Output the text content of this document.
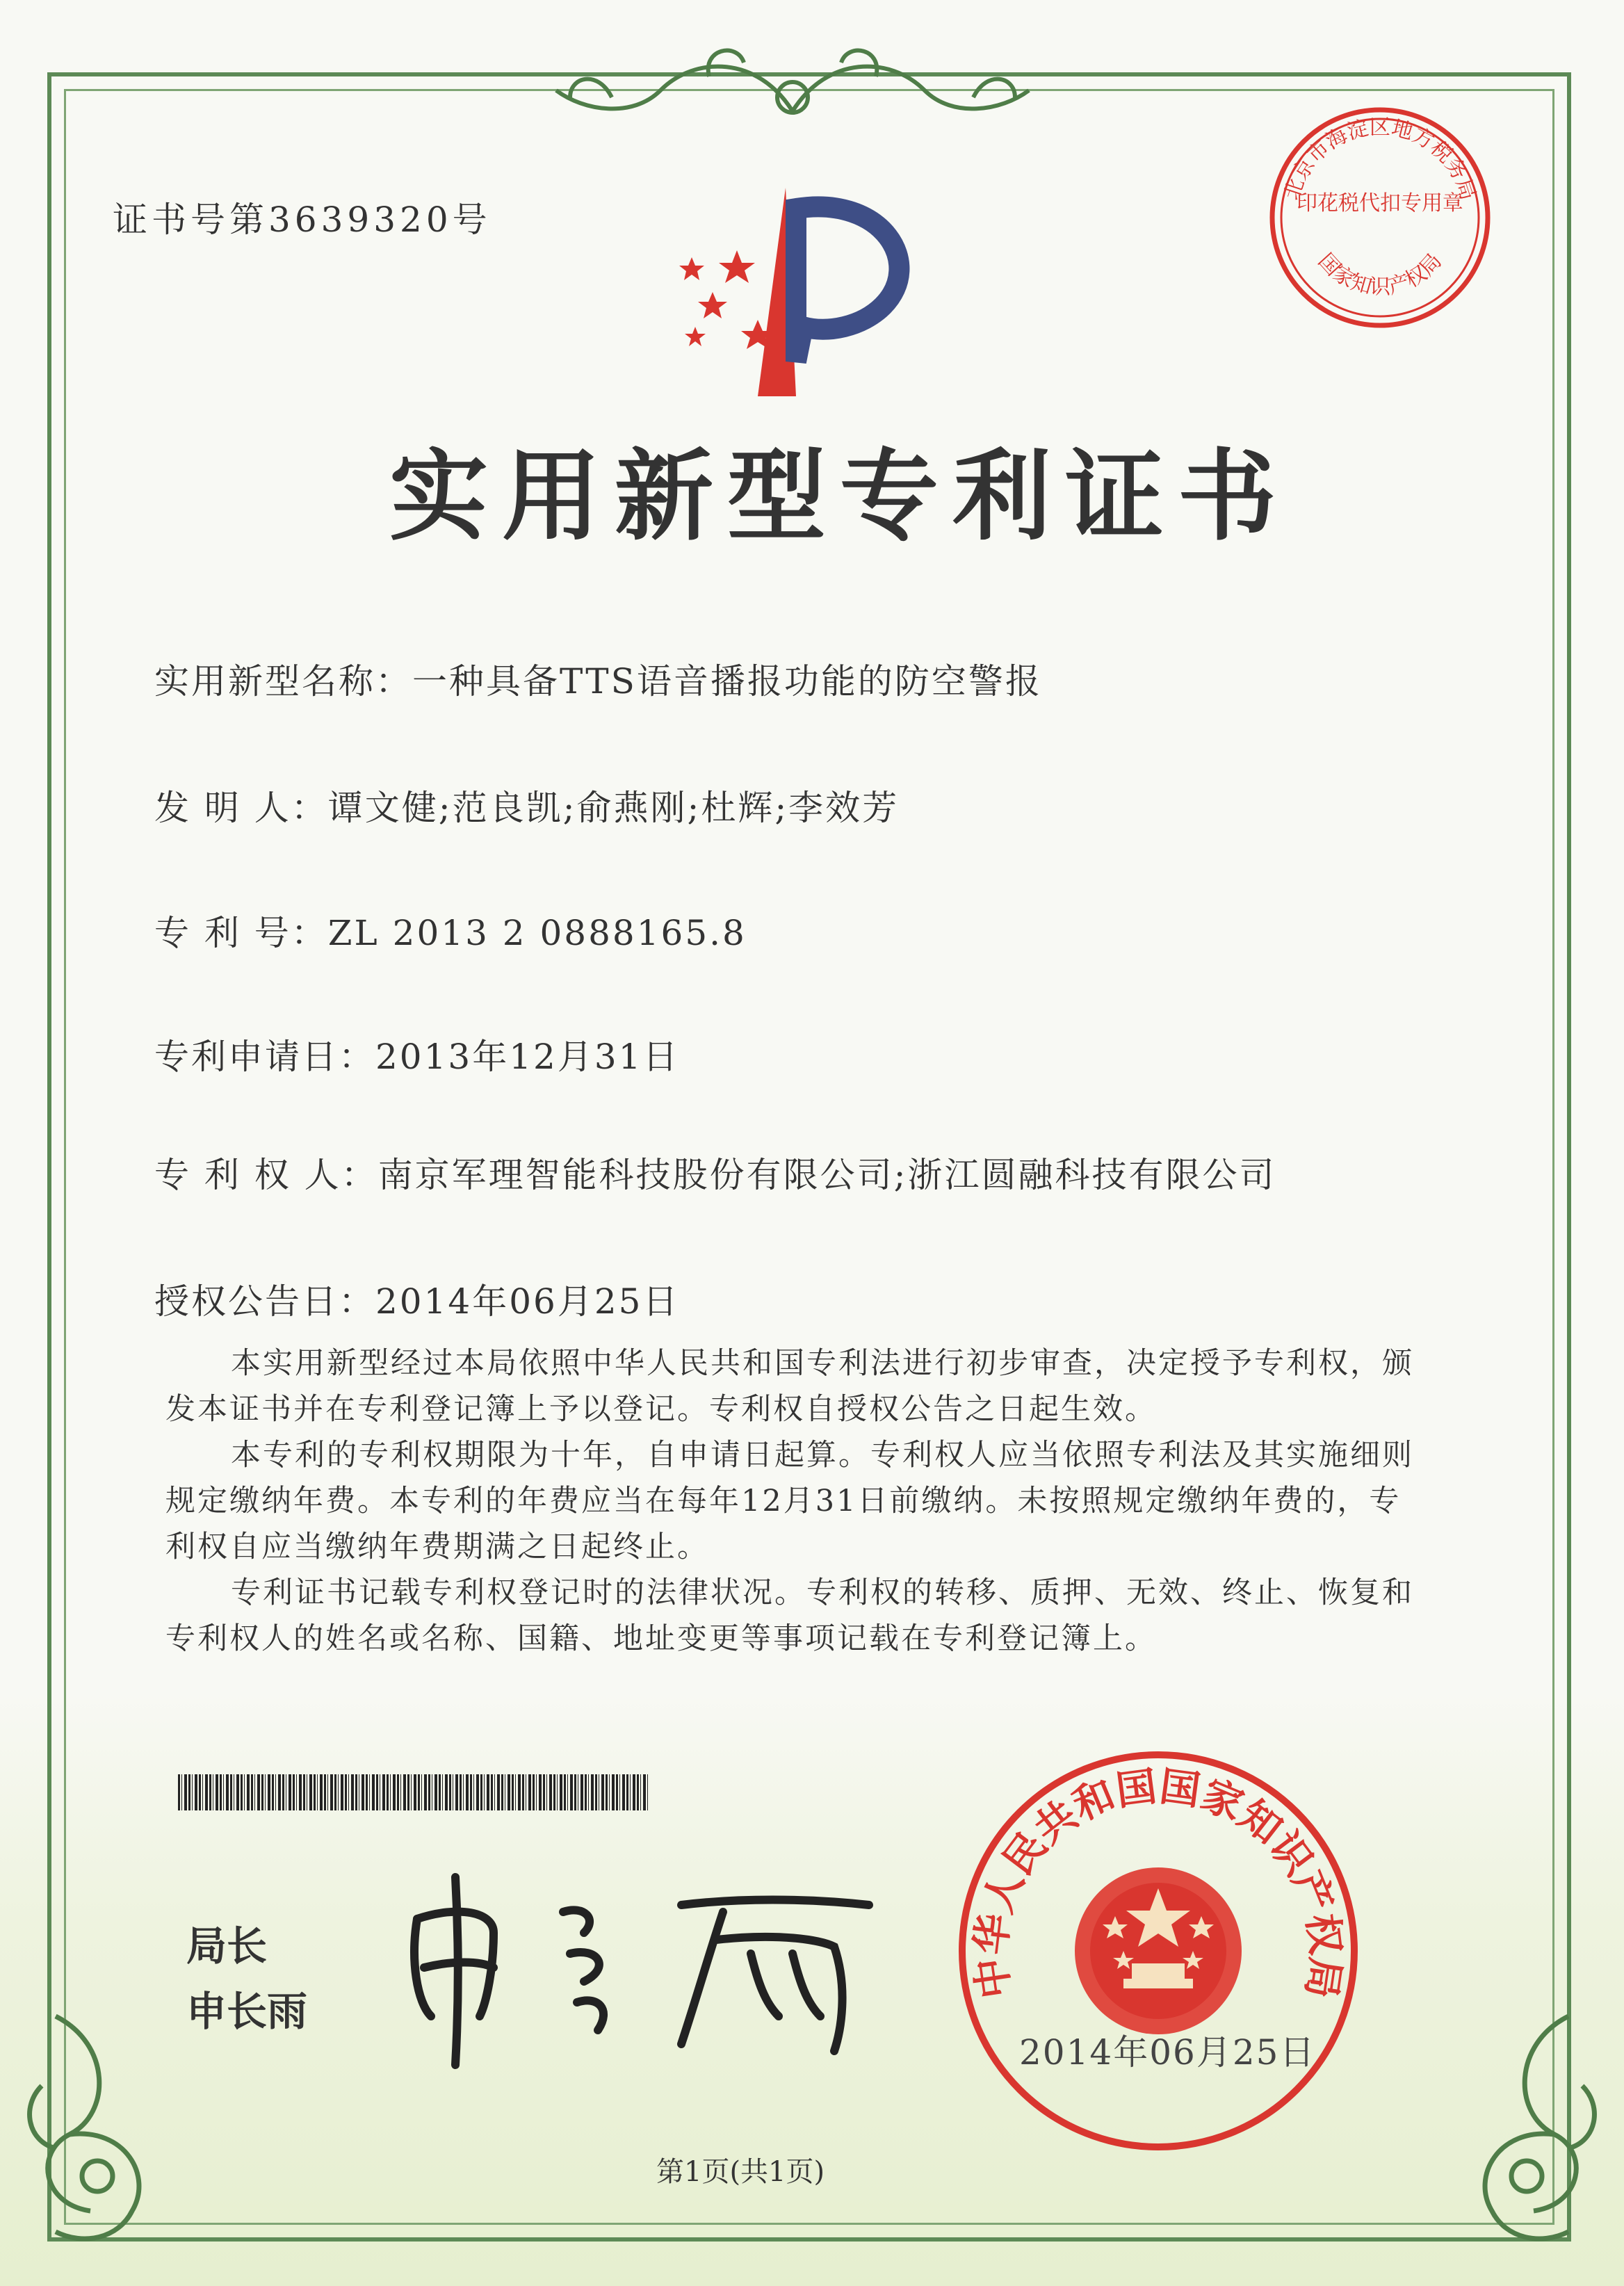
证书号第3639320号
北京市海淀区地方税务局
印花税代扣专用章
国家知识产权局
实用新型专利证书
实用新型名称：一种具备TTS语音播报功能的防空警报
发 明 人：谭文健;范良凯;俞燕刚;杜辉;李效芳
专 利 号：ZL 2013 2 0888165.8
专利申请日：2013年12月31日
专 利 权 人：南京军理智能科技股份有限公司;浙江圆融科技有限公司
授权公告日：2014年06月25日

本实用新型经过本局依照中华人民共和国专利法进行初步审查，决定授予专利权，颁发本证书并在专利登记簿上予以登记。专利权自授权公告之日起生效。

本专利的专利权期限为十年，自申请日起算。专利权人应当依照专利法及其实施细则规定缴纳年费。本专利的年费应当在每年12月31日前缴纳。未按照规定缴纳年费的，专利权自应当缴纳年费期满之日起终止。

专利证书记载专利权登记时的法律状况。专利权的转移、质押、无效、终止、恢复和专利权人的姓名或名称、国籍、地址变更等事项记载在专利登记簿上。

局长
申长雨
中华人民共和国国家知识产权局
2014年06月25日
第1页(共1页)
